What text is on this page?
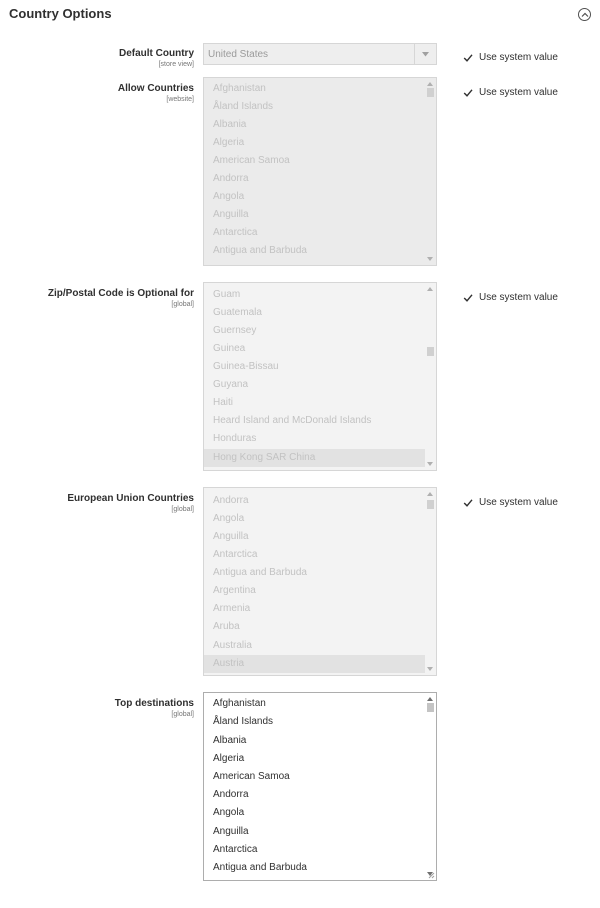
Country Options
Default Country
[store view]
United States	Use system value
Allow Countries
[website]
Afghanistan
Åland Islands
Albania
Algeria
American Samoa
Andorra
Angola
Anguilla
Antarctica
Antigua and Barbuda
Use system value
Zip/Postal Code is Optional for
[global]
Guam
Guatemala
Guernsey
Guinea
Guinea-Bissau
Guyana
Haiti
Heard Island and McDonald Islands
Honduras
Hong Kong SAR China
Use system value
European Union Countries
[global]
Andorra
Angola
Anguilla
Antarctica
Antigua and Barbuda
Argentina
Armenia
Aruba
Australia
Austria
Use system value
Top destinations
[global]
Afghanistan
Åland Islands
Albania
Algeria
American Samoa
Andorra
Angola
Anguilla
Antarctica
Antigua and Barbuda
